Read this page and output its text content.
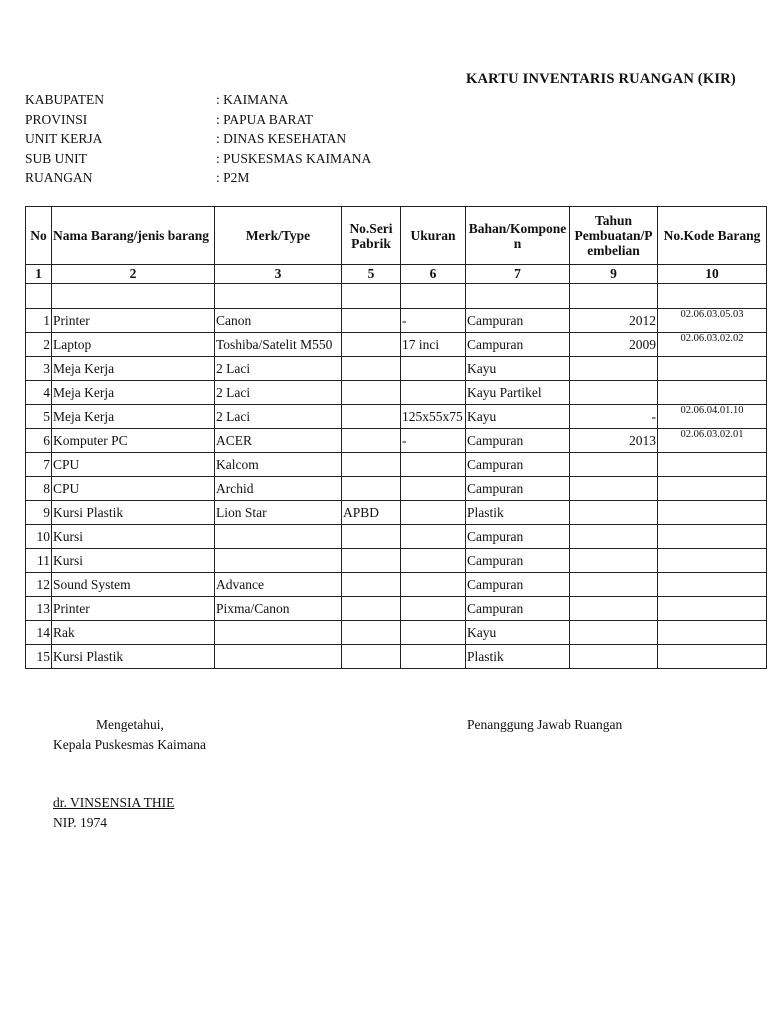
KARTU INVENTARIS RUANGAN (KIR)
KABUPATEN	: KAIMANA
PROVINSI	: PAPUA BARAT
UNIT KERJA	: DINAS KESEHATAN
SUB UNIT	: PUSKESMAS KAIMANA
RUANGAN	: P2M
No	Nama Barang/jenis barang	Merk/Type	No.Seri Pabrik	Ukuran	Bahan/Kompone n	Tahun Pembuatan/P embelian	No.Kode Barang
1	2	3	5	6	7	9	10

1	Printer	Canon		-	Campuran	2012	02.06.03.05.03
2	Laptop	Toshiba/Satelit M550		17 inci	Campuran	2009	02.06.03.02.02
3	Meja Kerja	2 Laci			Kayu		
4	Meja Kerja	2 Laci			Kayu Partikel		
5	Meja Kerja	2 Laci		125x55x75	Kayu	-	02.06.04.01.10
6	Komputer PC	ACER		-	Campuran	2013	02.06.03.02.01
7	CPU	Kalcom			Campuran		
8	CPU	Archid			Campuran		
9	Kursi Plastik	Lion Star	APBD		Plastik		
10	Kursi				Campuran		
11	Kursi				Campuran		
12	Sound System	Advance			Campuran		
13	Printer	Pixma/Canon			Campuran		
14	Rak				Kayu		
15	Kursi Plastik				Plastik		
Mengetahui,
Kepala Puskesmas Kaimana
Penanggung Jawab Ruangan
dr. VINSENSIA THIE
NIP. 1974
